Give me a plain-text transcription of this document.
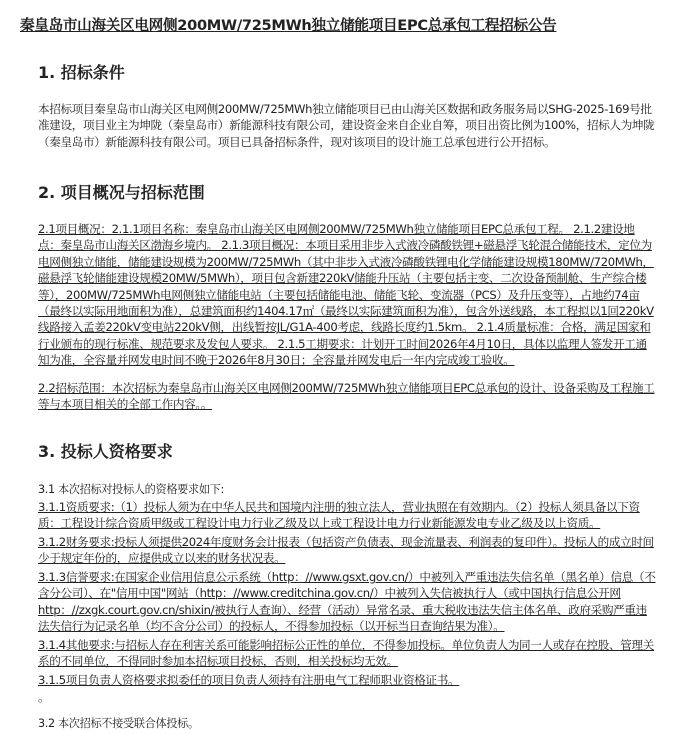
秦皇岛市山海关区电网侧200MW/725MWh独立储能项目EPC总承包工程招标公告
1. 招标条件
本招标项目秦皇岛市山海关区电网侧200MW/725MWh独立储能项目已由山海关区数据和政务服务局以SHG-2025-169号批准建设，项目业主为坤陇（秦皇岛市）新能源科技有限公司，建设资金来自企业自筹，项目出资比例为100%，招标人为坤陇（秦皇岛市）新能源科技有限公司。项目已具备招标条件，现对该项目的设计施工总承包进行公开招标。
2. 项目概况与招标范围
2.1项目概况：2.1.1项目名称：秦皇岛市山海关区电网侧200MW/725MWh独立储能项目EPC总承包工程。 2.1.2建设地点：秦皇岛市山海关区渤海乡境内。 2.1.3项目概况：本项目采用非步入式液冷磷酸铁锂+磁悬浮飞轮混合储能技术，定位为电网侧独立储能，储能建设规模为200MW/725MWh（其中非步入式液冷磷酸铁锂电化学储能建设规模180MW/720MWh，磁悬浮飞轮储能建设规模20MW/5MWh），项目包含新建220kV储能升压站（主要包括主变、二次设备预制舱、生产综合楼等），200MW/725MWh电网侧独立储能电站（主要包括储能电池、储能飞轮、变流器（PCS）及升压变等），占地约74亩（最终以实际用地面积为准），总建筑面积约1404.17㎡（最终以实际建筑面积为准），包含外送线路，本工程拟以1回220kV线路接入孟姜220kV变电站220kV侧，出线暂按JL/G1A-400考虑，线路长度约1.5km。 2.1.4质量标准：合格，满足国家和行业颁布的现行标准、规范要求及发包人要求。 2.1.5工期要求：计划开工时间2026年4月10日，具体以监理人签发开工通知为准，全容量并网发电时间不晚于2026年8月30日；全容量并网发电后一年内完成竣工验收。
2.2招标范围：本次招标为秦皇岛市山海关区电网侧200MW/725MWh独立储能项目EPC总承包的设计、设备采购及工程施工等与本项目相关的全部工作内容。。
3. 投标人资格要求
3.1 本次招标对投标人的资格要求如下:
3.1.1资质要求:（1）投标人须为在中华人民共和国境内注册的独立法人，营业执照在有效期内。（2）投标人须具备以下资质：工程设计综合资质甲级或工程设计电力行业乙级及以上或工程设计电力行业新能源发电专业乙级及以上资质。
3.1.2财务要求:投标人须提供2024年度财务会计报表（包括资产负债表、现金流量表、利润表的复印件）。投标人的成立时间少于规定年份的，应提供成立以来的财务状况表。
3.1.3信誉要求:在国家企业信用信息公示系统（http：//www.gsxt.gov.cn/）中被列入严重违法失信名单（黑名单）信息（不含分公司）、在"信用中国"网站（http：//www.creditchina.gov.cn/）中被列入失信被执行人（或中国执行信息公开网http：//zxgk.court.gov.cn/shixin/被执行人查询）、经营（活动）异常名录、重大税收违法失信主体名单、政府采购严重违法失信行为记录名单（均不含分公司）的投标人，不得参加投标（以开标当日查询结果为准）。
3.1.4其他要求:与招标人存在利害关系可能影响招标公正性的单位，不得参加投标。单位负责人为同一人或存在控股、管理关系的不同单位，不得同时参加本招标项目投标，否则，相关投标均无效。
3.1.5项目负责人资格要求拟委任的项目负责人须持有注册电气工程师职业资格证书。
。
3.2 本次招标不接受联合体投标。
